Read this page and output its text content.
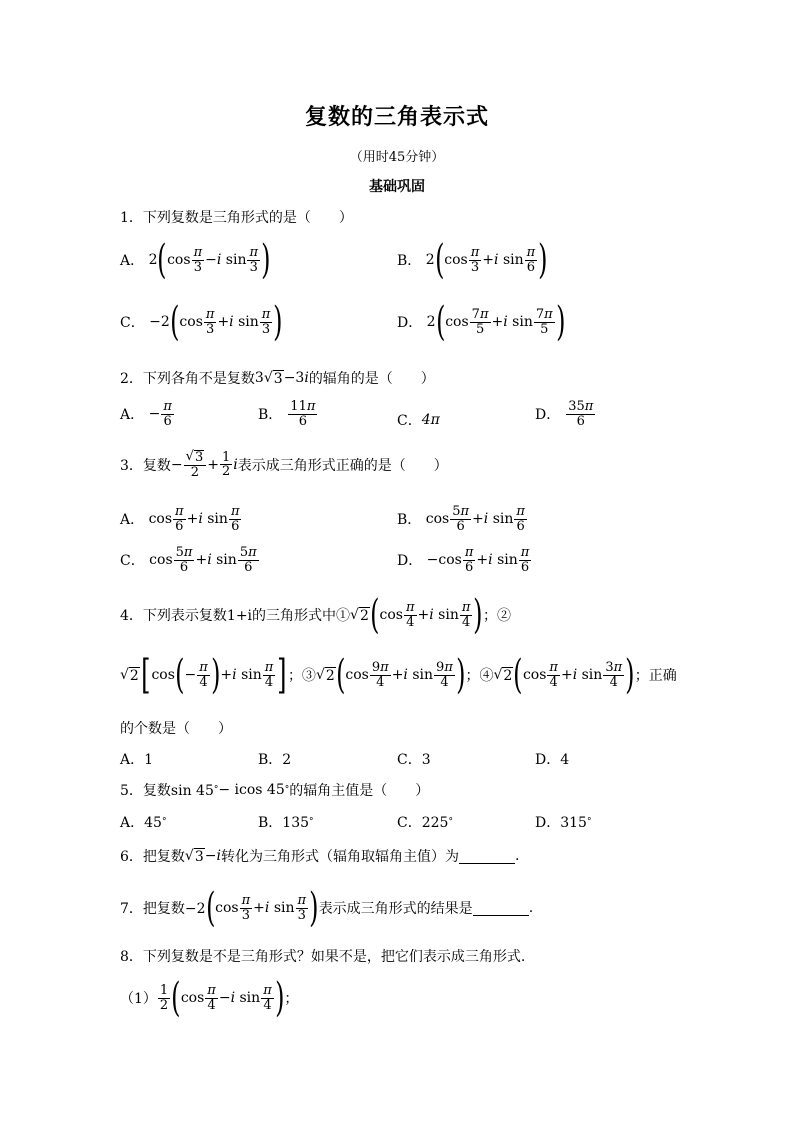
复数的三角表示式
（用时45分钟）
基础巩固
1．下列复数是三角形式的是（　　）
A． 2 ( $\cos \frac{\pi}{3} - i$ $\sin \frac{\pi}{3}$ )	B． 2 ( $\cos \frac{\pi}{3} + i$ $\sin \frac{\pi}{6}$ )
C． −2 ( $\cos \frac{\pi}{3} + i$ $\sin \frac{\pi}{3}$ )	D． 2 ( $\cos \frac{7\pi}{5} + i$ $\sin \frac{7\pi}{5}$ )
2．下列各角不是复数 3 √ 3 −3i 的辐角的是（　　）
A． − $\frac{\pi}{6}$	B． $\frac{11\pi}{6}$	C． 4π	D． $\frac{35\pi}{6}$
3．复数 − $\frac{√ 3}{2} + \frac{1}{2}$ i 表示成三角形式正确的是（　　）
A． $\cos \frac{\pi}{6} + i$ $\sin \frac{\pi}{6}$	B． $\cos \frac{5\pi}{6} + i$ $\sin \frac{\pi}{6}$
C． $\cos \frac{5\pi}{6} + i$ $\sin \frac{5\pi}{6}$	D． $-\cos \frac{\pi}{6} + i$ $\sin \frac{\pi}{6}$
4．下列表示复数1+i的三角形式中① √ 2 ( $\cos \frac{\pi}{4} + i$ $\sin \frac{\pi}{4}$ ) ；②
√ 2 [ cos ( − $\frac{\pi}{4}$ ) + i $\sin \frac{\pi}{4}$ ] ；③ √ 2 ( $\cos \frac{9\pi}{4} + i$ $\sin \frac{9\pi}{4}$ ) ；④ √ 2 ( $\cos \frac{\pi}{4} + i$ $\sin \frac{3\pi}{4}$ ) ；正确
的个数是（　　）
A．1	B．2	C．3	D．4
5．复数sin 45 ° − icos 45 ° 的辐角主值是（　　）
A．45 °	B．135 °	C．225 °	D．315 °
6．把复数 √ 3 −i 转化为三角形式（辐角取辐角主值）为	.
7．把复数−2 ( $\cos \frac{\pi}{3} + i$ $\sin \frac{\pi}{3}$ ) 表示成三角形式的结果是	.
8．下列复数是不是三角形式？如果不是，把它们表示成三角形式.
$(1) \frac{1}{2}$ ( $\cos \frac{\pi}{4} - i$ $\sin \frac{\pi}{4}$ ) ；
